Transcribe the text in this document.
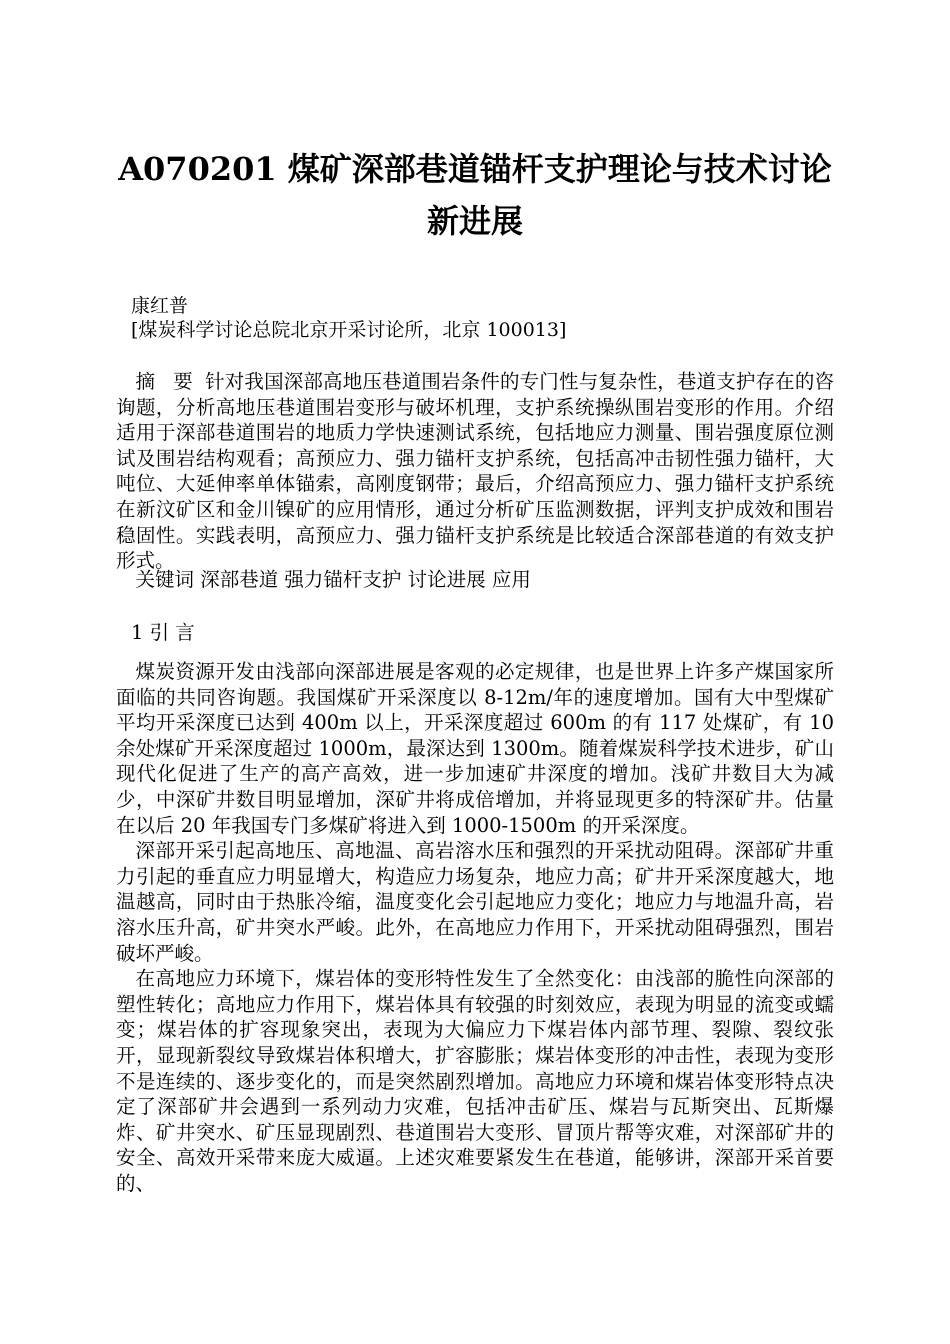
A070201 煤矿深部巷道锚杆支护理论与技术讨论新进展

康红普

[煤炭科学讨论总院北京开采讨论所，北京 100013]

摘 要 针对我国深部高地压巷道围岩条件的专门性与复杂性，巷道支护存在的咨询题，分析高地压巷道围岩变形与破坏机理，支护系统操纵围岩变形的作用。介绍适用于深部巷道围岩的地质力学快速测试系统，包括地应力测量、围岩强度原位测试及围岩结构观看；高预应力、强力锚杆支护系统，包括高冲击韧性强力锚杆，大吨位、大延伸率单体锚索，高刚度钢带；最后，介绍高预应力、强力锚杆支护系统在新汶矿区和金川镍矿的应用情形，通过分析矿压监测数据，评判支护成效和围岩稳固性。实践表明，高预应力、强力锚杆支护系统是比较适合深部巷道的有效支护形式。

关键词 深部巷道 强力锚杆支护 讨论进展 应用

1 引 言

煤炭资源开发由浅部向深部进展是客观的必定规律，也是世界上许多产煤国家所面临的共同咨询题。我国煤矿开采深度以 8-12m/年的速度增加。国有大中型煤矿平均开采深度已达到 400m 以上，开采深度超过 600m 的有 117 处煤矿，有 10 余处煤矿开采深度超过 1000m，最深达到 1300m。随着煤炭科学技术进步，矿山现代化促进了生产的高产高效，进一步加速矿井深度的增加。浅矿井数目大为减少，中深矿井数目明显增加，深矿井将成倍增加，并将显现更多的特深矿井。估量在以后 20 年我国专门多煤矿将进入到 1000-1500m 的开采深度。

深部开采引起高地压、高地温、高岩溶水压和强烈的开采扰动阻碍。深部矿井重力引起的垂直应力明显增大，构造应力场复杂，地应力高；矿井开采深度越大，地温越高，同时由于热胀冷缩，温度变化会引起地应力变化；地应力与地温升高，岩溶水压升高，矿井突水严峻。此外，在高地应力作用下，开采扰动阻碍强烈，围岩破坏严峻。

在高地应力环境下，煤岩体的变形特性发生了全然变化：由浅部的脆性向深部的塑性转化；高地应力作用下，煤岩体具有较强的时刻效应，表现为明显的流变或蠕变；煤岩体的扩容现象突出，表现为大偏应力下煤岩体内部节理、裂隙、裂纹张开，显现新裂纹导致煤岩体积增大，扩容膨胀；煤岩体变形的冲击性，表现为变形不是连续的、逐步变化的，而是突然剧烈增加。高地应力环境和煤岩体变形特点决定了深部矿井会遇到一系列动力灾难，包括冲击矿压、煤岩与瓦斯突出、瓦斯爆炸、矿井突水、矿压显现剧烈、巷道围岩大变形、冒顶片帮等灾难，对深部矿井的安全、高效开采带来庞大威逼。上述灾难要紧发生在巷道，能够讲，深部开采首要的、
